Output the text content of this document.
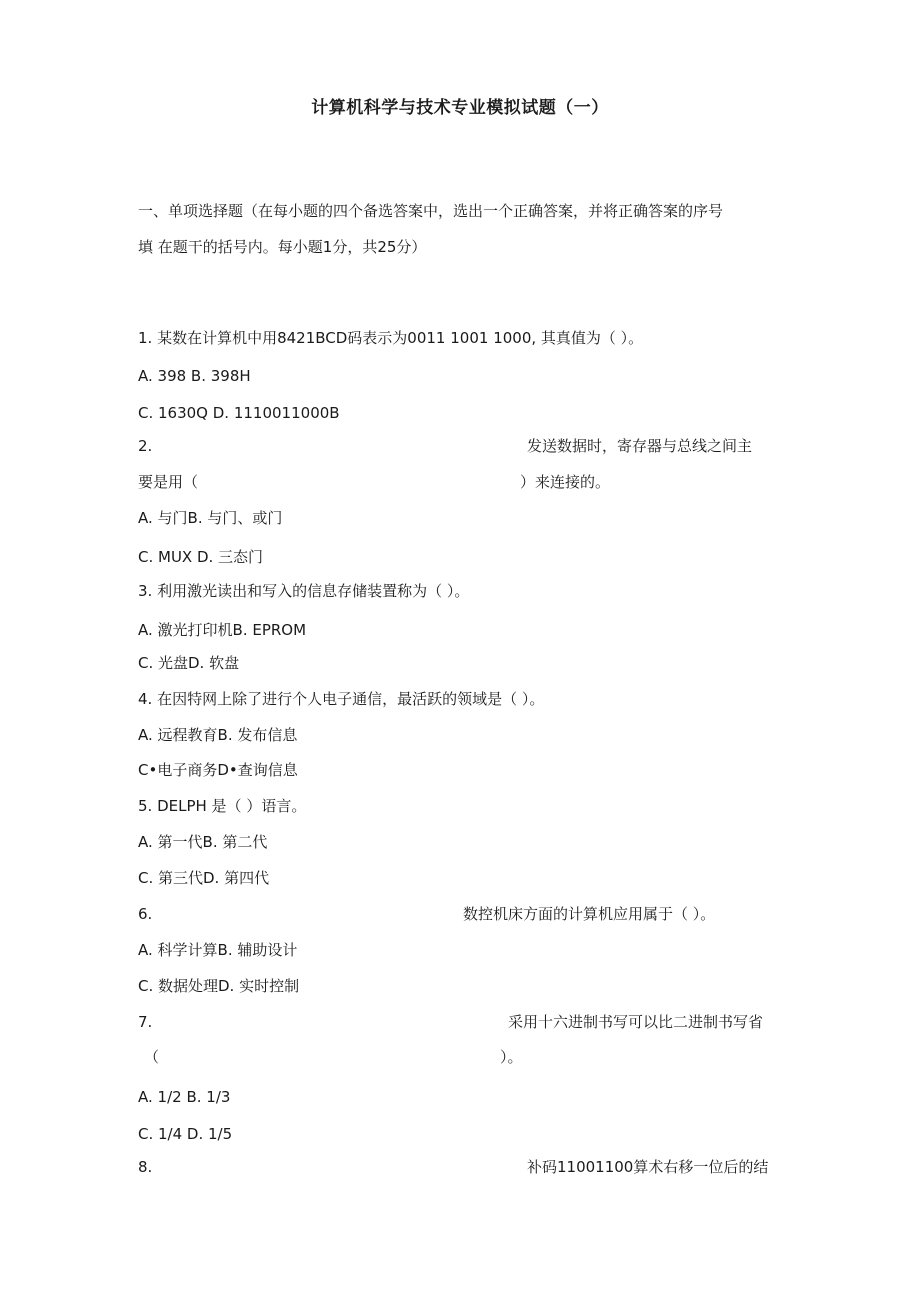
计算机科学与技术专业模拟试题（一）
一、单项选择题（在每小题的四个备选答案中，选出一个正确答案，并将正确答案的序号
填 在题干的括号内。每小题1分，共25分）
1. 某数在计算机中用8421BCD码表示为0011 1001 1000, 其真值为（ ）。
A. 398 B. 398H
C. 1630Q D. 1110011000B
2.	发送数据时，寄存器与总线之间主
要是用（	）来连接的。
A. 与门B. 与门、或门
C. MUX D. 三态门
3. 利用激光读出和写入的信息存储装置称为（ ）。
A. 激光打印机B. EPROM
C. 光盘D. 软盘
4. 在因特网上除了进行个人电子通信，最活跃的领域是（ ）。
A. 远程教育B. 发布信息
C•电子商务D•查询信息
5. DELPH 是（ ）语言。
A. 第一代B. 第二代
C. 第三代D. 第四代
6.	数控机床方面的计算机应用属于（ ）。
A. 科学计算B. 辅助设计
C. 数据处理D. 实时控制
7.	采用十六进制书写可以比二进制书写省
（	）。
A. 1/2 B. 1/3
C. 1/4 D. 1/5
8.	补码11001100算术右移一位后的结
